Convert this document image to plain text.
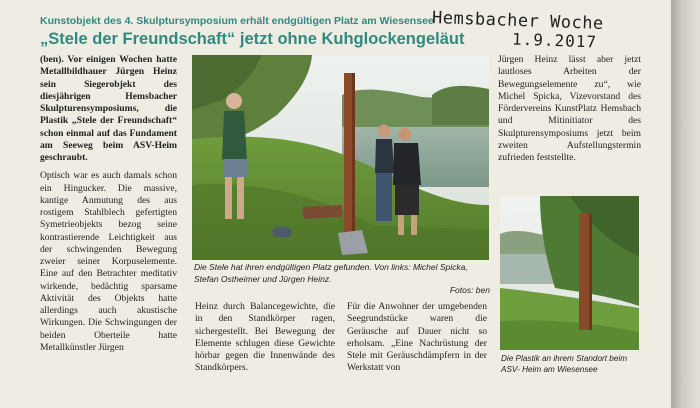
Kunstobjekt des 4. Skulptursymposium erhält endgültigen Platz am Wiesensee
„Stele der Freundschaft“ jetzt ohne Kuhglockengeläut
Hemsbacher Woche
1.9.2017

(ben). Vor einigen Wochen hatte Metallbildhauer Jürgen Heinz sein Siegerobjekt des diesjährigen Hemsbacher Skulpturensymposiums, die Plastik „Stele der Freundschaft“ schon einmal auf das Fundament am Seeweg beim ASV-Heim geschraubt.

Optisch war es auch damals schon ein Hingucker. Die massive, kantige Anmutung des aus rostigem Stahlblech gefertigten Symetrieobjekts bezog seine kontrastierende Leichtigkeit aus der schwingenden Bewegung zweier seiner Korpuselemente. Eine auf den Betrachter meditativ wirkende, bedächtig sparsame Aktivität des Objekts hatte allerdings auch akustische Wirkungen. Die Schwingungen der beiden Oberteile hatte Metallkünstler Jürgen

Die Stele hat ihren endgültigen Platz gefunden. Von links: Michel Spicka, Stefan Ostheimer und Jürgen Heinz.
Fotos: ben

Heinz durch Balancegewichte, die in den Standkörper ragen, sichergestellt. Bei Bewegung der Elemente schlugen diese Gewichte hörbar gegen die Innenwände des Standkörpers.

Für die Anwohner der umgebenden Seegrundstücke waren die Geräusche auf Dauer nicht so erholsam. „Eine Nachrüstung der Stele mit Geräuschdämpfern in der Werkstatt von

Jürgen Heinz lässt aber jetzt lautloses Arbeiten der Bewegungselemente zu“, wie Michel Spicka, Vizevorstand des Fördervereins KunstPlatz Hemsbach und Mitinitiator des Skulpturensymposiums jetzt beim zweiten Aufstellungstermin zufrieden feststellte.

Die Plastik an ihrem Standort beim ASV- Heim am Wiesensee
